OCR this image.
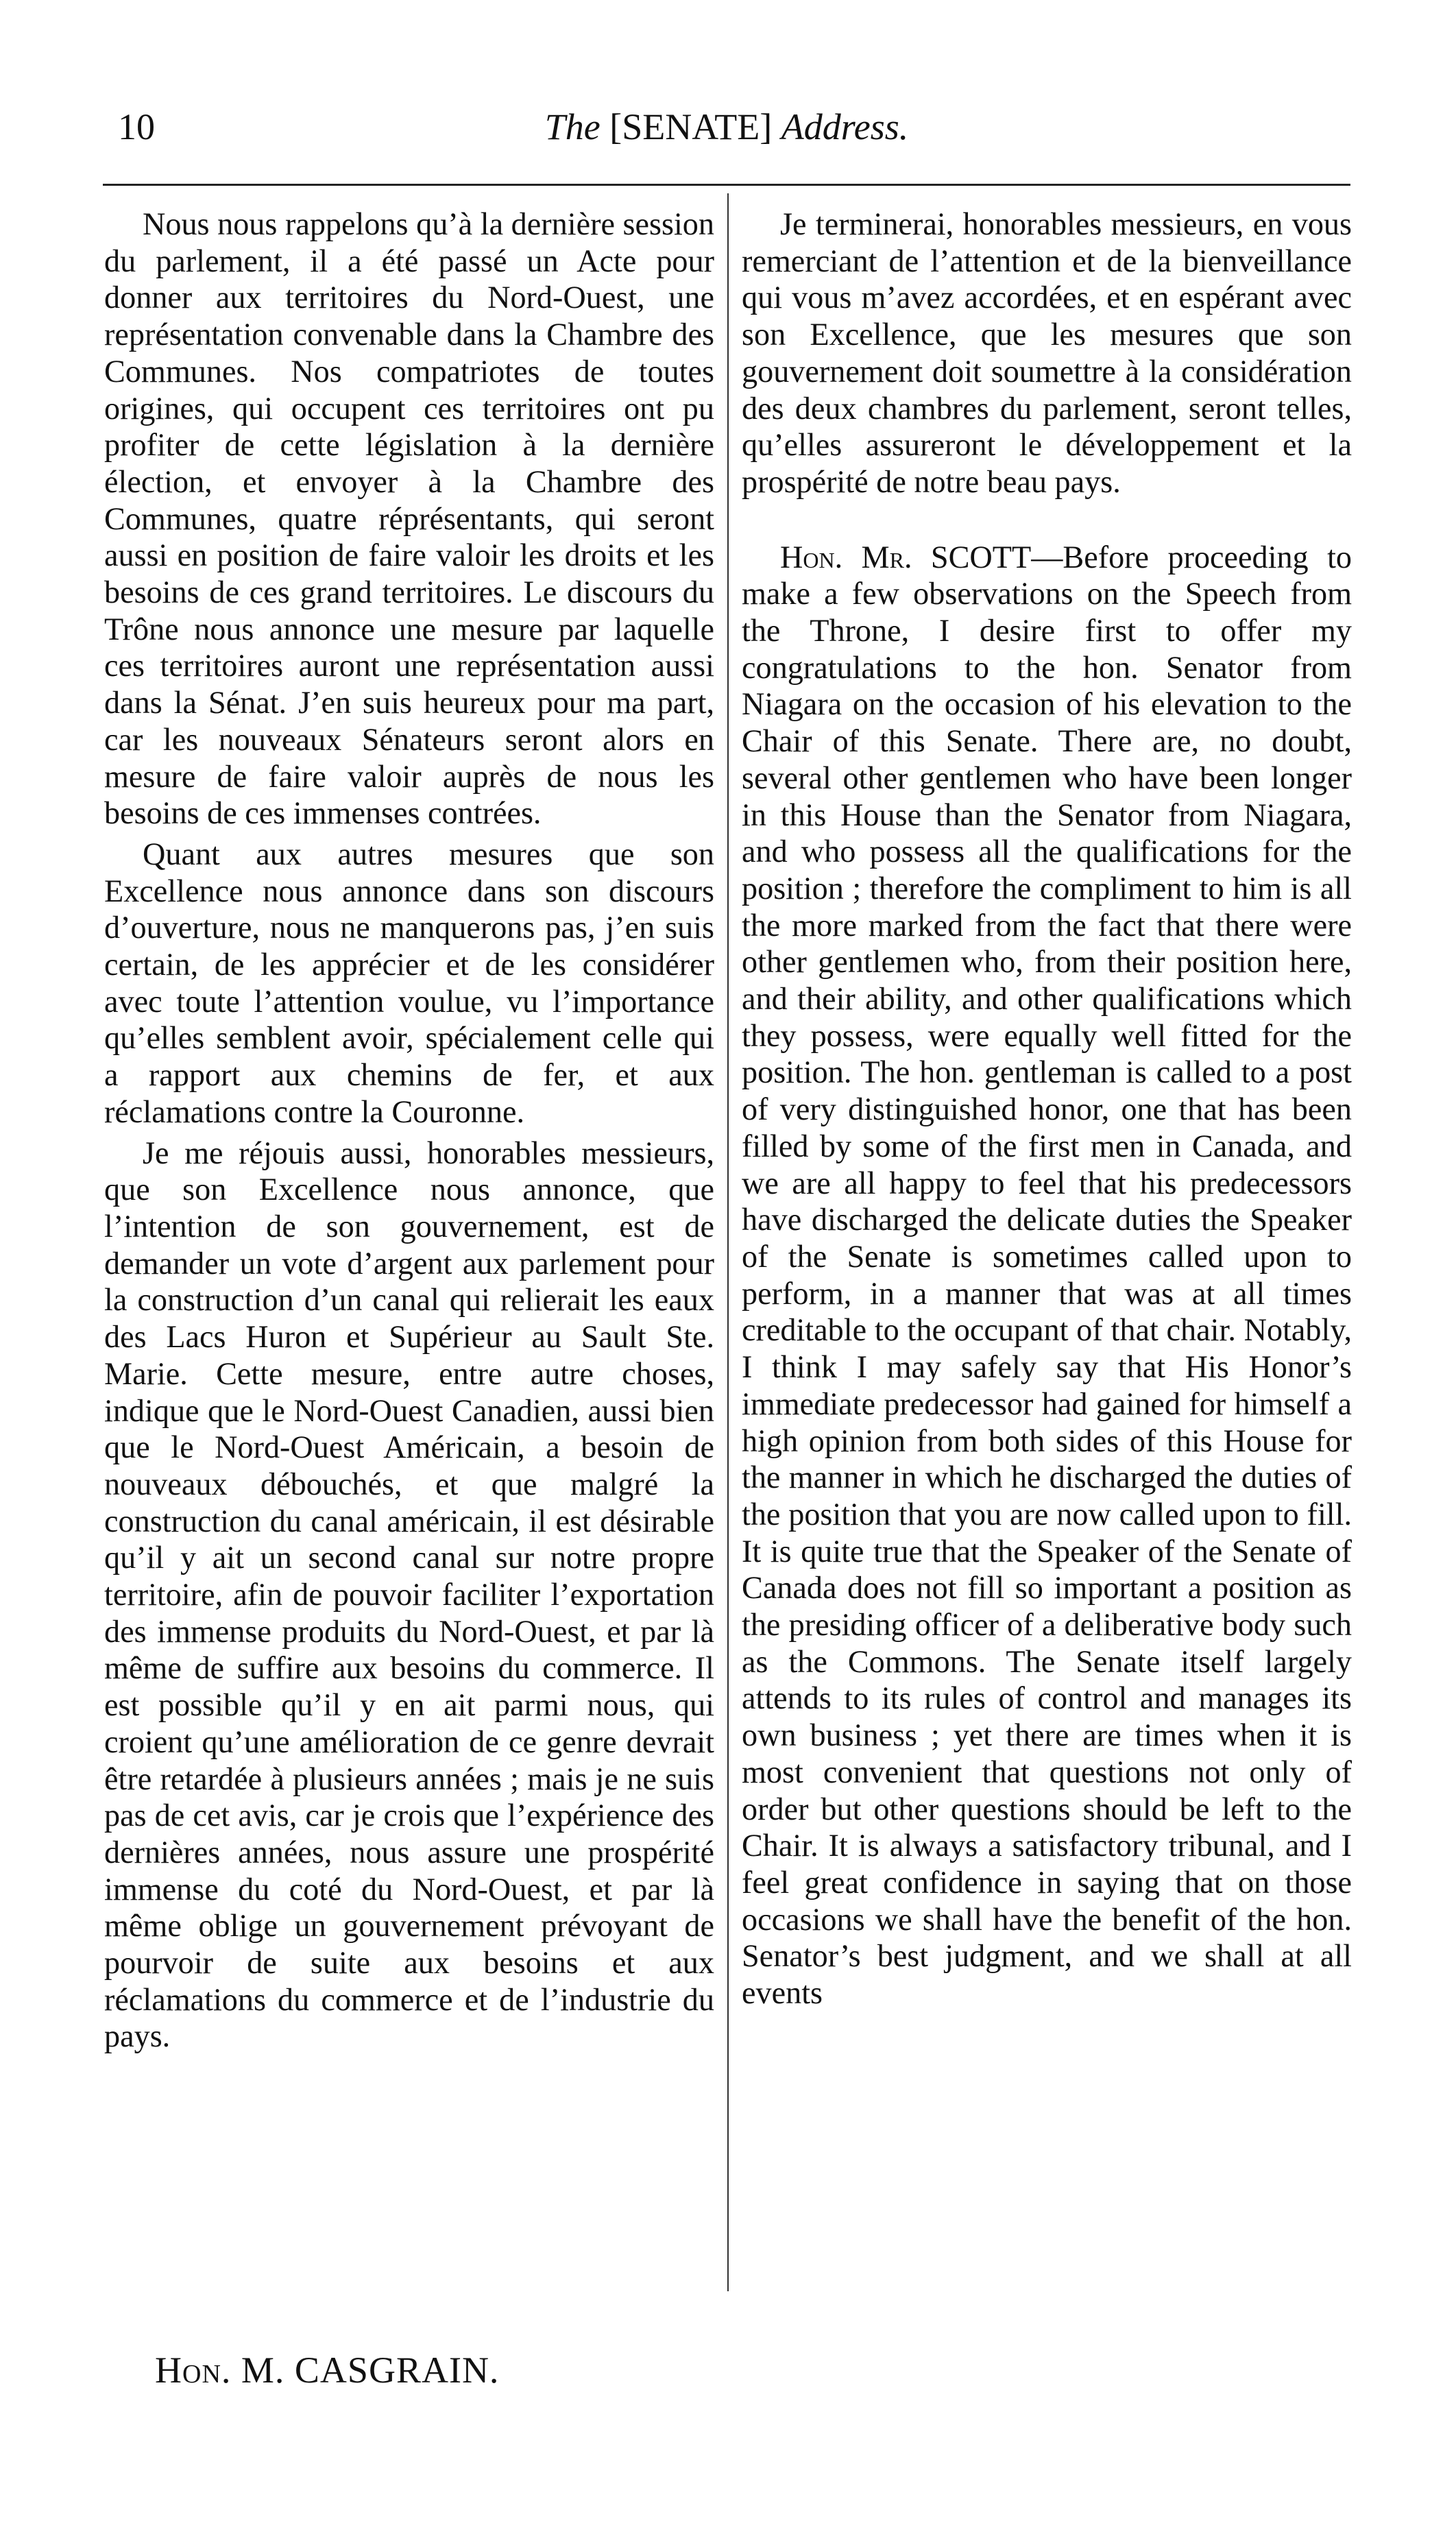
10	The [SENATE] Address.

Nous nous rappelons qu’à la dernière session du parlement, il a été passé un Acte pour donner aux territoires du Nord-Ouest, une représentation convenable dans la Chambre des Communes. Nos compatriotes de toutes origines, qui occupent ces territoires ont pu profiter de cette législation à la dernière élection, et envoyer à la Chambre des Communes, quatre réprésentants, qui seront aussi en position de faire valoir les droits et les besoins de ces grand territoires. Le discours du Trône nous annonce une mesure par laquelle ces territoires auront une représentation aussi dans la Sénat. J’en suis heureux pour ma part, car les nouveaux Sénateurs seront alors en mesure de faire valoir auprès de nous les besoins de ces immenses contrées.

Quant aux autres mesures que son Excellence nous annonce dans son discours d’ouverture, nous ne manquerons pas, j’en suis certain, de les apprécier et de les considérer avec toute l’attention voulue, vu l’importance qu’elles semblent avoir, spécialement celle qui a rapport aux chemins de fer, et aux réclamations contre la Couronne.

Je me réjouis aussi, honorables messieurs, que son Excellence nous annonce, que l’intention de son gouvernement, est de demander un vote d’argent aux parlement pour la construction d’un canal qui relierait les eaux des Lacs Huron et Supérieur au Sault Ste. Marie. Cette mesure, entre autre choses, indique que le Nord-Ouest Canadien, aussi bien que le Nord-Ouest Américain, a besoin de nouveaux débouchés, et que malgré la construction du canal américain, il est désirable qu’il y ait un second canal sur notre propre territoire, afin de pouvoir faciliter l’exportation des immense produits du Nord-Ouest, et par là même de suffire aux besoins du commerce. Il est possible qu’il y en ait parmi nous, qui croient qu’une amélioration de ce genre devrait être retardée à plusieurs années ; mais je ne suis pas de cet avis, car je crois que l’expérience des dernières années, nous assure une prospérité immense du coté du Nord-Ouest, et par là même oblige un gouvernement prévoyant de pourvoir de suite aux besoins et aux réclamations du commerce et de l’industrie du pays.

Je terminerai, honorables messieurs, en vous remerciant de l’attention et de la bienveillance qui vous m’avez accordées, et en espérant avec son Excellence, que les mesures que son gouvernement doit soumettre à la considération des deux chambres du parlement, seront telles, qu’elles assureront le développement et la prospérité de notre beau pays.

Hon. Mr. SCOTT—Before proceeding to make a few observations on the Speech from the Throne, I desire first to offer my congratulations to the hon. Senator from Niagara on the occasion of his elevation to the Chair of this Senate. There are, no doubt, several other gentlemen who have been longer in this House than the Senator from Niagara, and who possess all the qualifications for the position ; therefore the compliment to him is all the more marked from the fact that there were other gentlemen who, from their position here, and their ability, and other qualifications which they possess, were equally well fitted for the position. The hon. gentleman is called to a post of very distinguished honor, one that has been filled by some of the first men in Canada, and we are all happy to feel that his predecessors have discharged the delicate duties the Speaker of the Senate is sometimes called upon to perform, in a manner that was at all times creditable to the occupant of that chair. Notably, I think I may safely say that His Honor’s immediate predecessor had gained for himself a high opinion from both sides of this House for the manner in which he discharged the duties of the position that you are now called upon to fill. It is quite true that the Speaker of the Senate of Canada does not fill so important a position as the presiding officer of a deliberative body such as the Commons. The Senate itself largely attends to its rules of control and manages its own business ; yet there are times when it is most convenient that questions not only of order but other questions should be left to the Chair. It is always a satisfactory tribunal, and I feel great confidence in saying that on those occasions we shall have the benefit of the hon. Senator’s best judgment, and we shall at all events

Hon. M. CASGRAIN.
